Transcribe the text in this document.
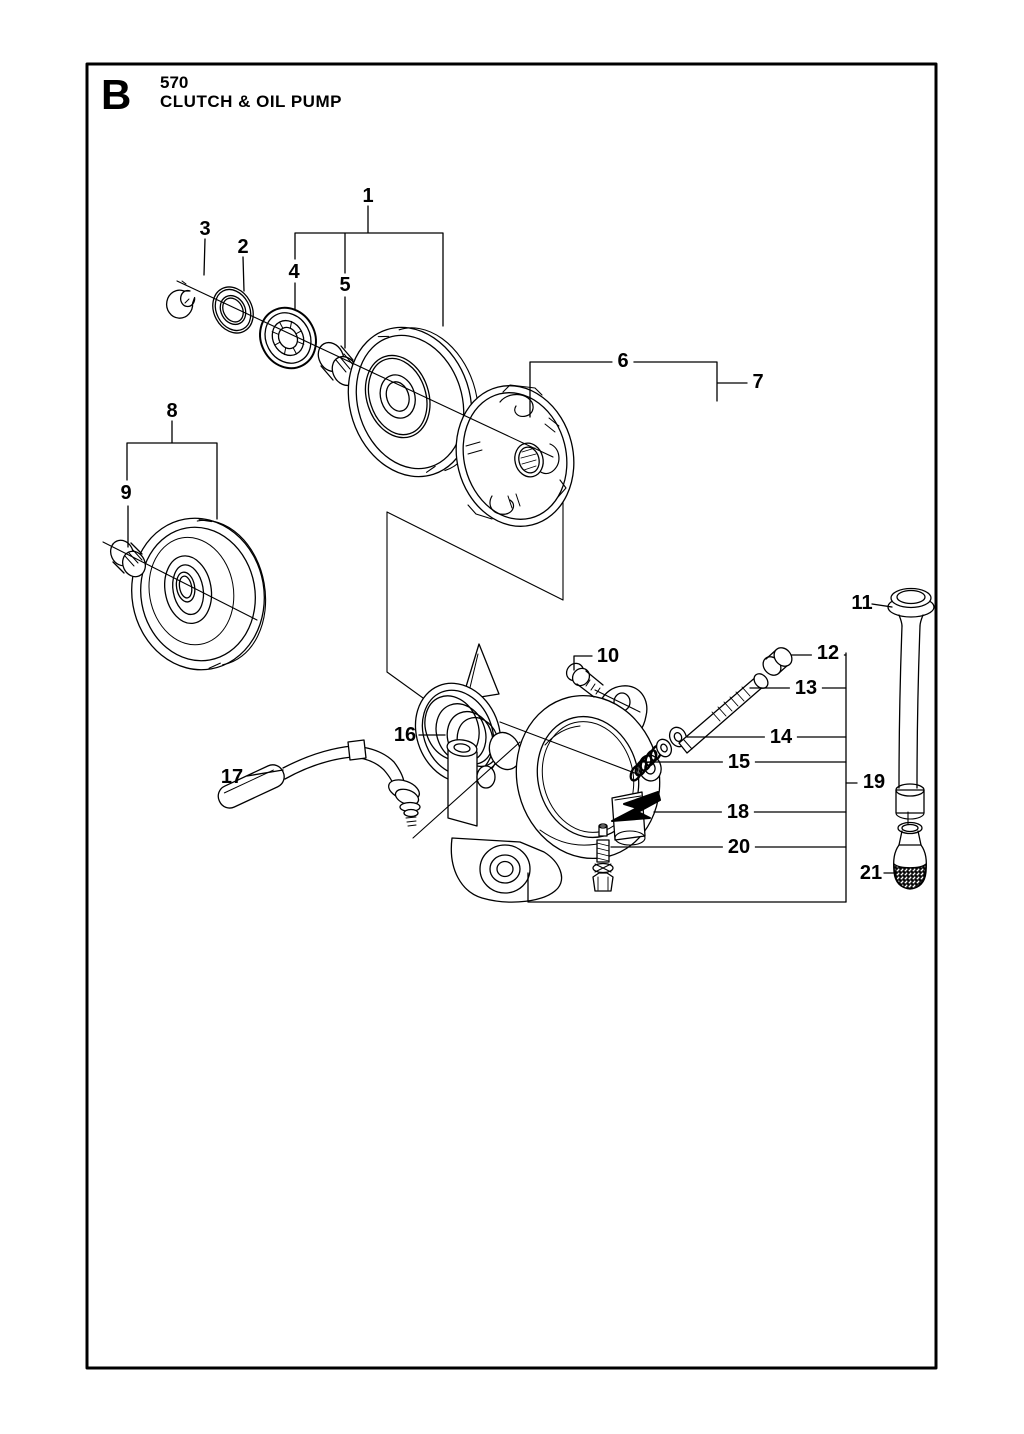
B 570
CLUTCH & OIL PUMP
1
2
3
4
5
6
7
8
9
10
11
12
13
14
15
16
17
18
19
20
21
